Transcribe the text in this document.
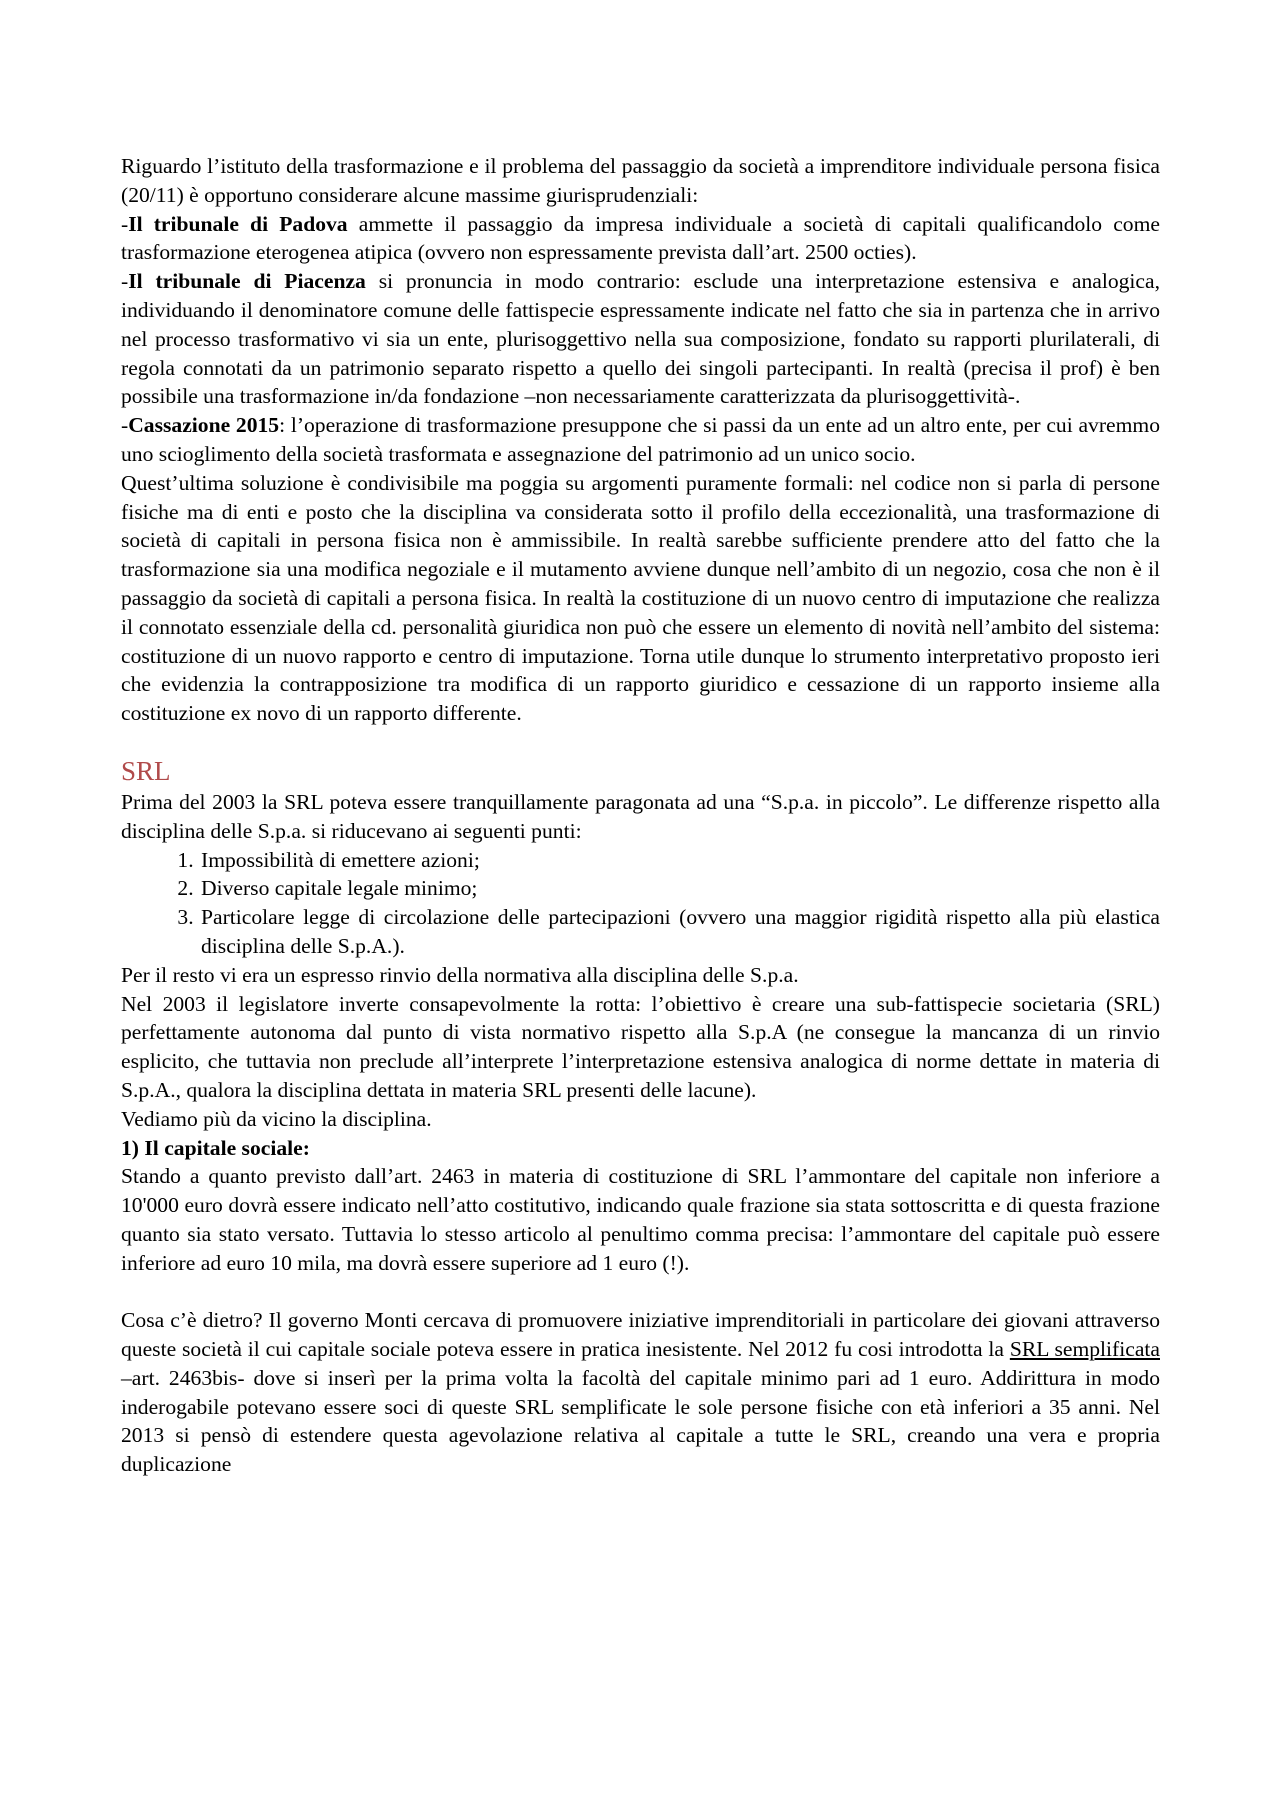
Riguardo l’istituto della trasformazione e il problema del passaggio da società a imprenditore individuale persona fisica (20/11) è opportuno considerare alcune massime giurisprudenziali:

-Il tribunale di Padova ammette il passaggio da impresa individuale a società di capitali qualificandolo come trasformazione eterogenea atipica (ovvero non espressamente prevista dall’art. 2500 octies).

-Il tribunale di Piacenza si pronuncia in modo contrario: esclude una interpretazione estensiva e analogica, individuando il denominatore comune delle fattispecie espressamente indicate nel fatto che sia in partenza che in arrivo nel processo trasformativo vi sia un ente, plurisoggettivo nella sua composizione, fondato su rapporti plurilaterali, di regola connotati da un patrimonio separato rispetto a quello dei singoli partecipanti. In realtà (precisa il prof) è ben possibile una trasformazione in/da fondazione –non necessariamente caratterizzata da plurisoggettività-.

-Cassazione 2015: l’operazione di trasformazione presuppone che si passi da un ente ad un altro ente, per cui avremmo uno scioglimento della società trasformata e assegnazione del patrimonio ad un unico socio.

Quest’ultima soluzione è condivisibile ma poggia su argomenti puramente formali: nel codice non si parla di persone fisiche ma di enti e posto che la disciplina va considerata sotto il profilo della eccezionalità, una trasformazione di società di capitali in persona fisica non è ammissibile. In realtà sarebbe sufficiente prendere atto del fatto che la trasformazione sia una modifica negoziale e il mutamento avviene dunque nell’ambito di un negozio, cosa che non è il passaggio da società di capitali a persona fisica. In realtà la costituzione di un nuovo centro di imputazione che realizza il connotato essenziale della cd. personalità giuridica non può che essere un elemento di novità nell’ambito del sistema: costituzione di un nuovo rapporto e centro di imputazione. Torna utile dunque lo strumento interpretativo proposto ieri che evidenzia la contrapposizione tra modifica di un rapporto giuridico e cessazione di un rapporto insieme alla costituzione ex novo di un rapporto differente.

SRL

Prima del 2003 la SRL poteva essere tranquillamente paragonata ad una “S.p.a. in piccolo”. Le differenze rispetto alla disciplina delle S.p.a. si riducevano ai seguenti punti:

1. Impossibilità di emettere azioni;
2. Diverso capitale legale minimo;
3. Particolare legge di circolazione delle partecipazioni (ovvero una maggior rigidità rispetto alla più elastica disciplina delle S.p.A.).

Per il resto vi era un espresso rinvio della normativa alla disciplina delle S.p.a.

Nel 2003 il legislatore inverte consapevolmente la rotta: l’obiettivo è creare una sub-fattispecie societaria (SRL) perfettamente autonoma dal punto di vista normativo rispetto alla S.p.A (ne consegue la mancanza di un rinvio esplicito, che tuttavia non preclude all’interprete l’interpretazione estensiva analogica di norme dettate in materia di S.p.A., qualora la disciplina dettata in materia SRL presenti delle lacune).

Vediamo più da vicino la disciplina.

1) Il capitale sociale:

Stando a quanto previsto dall’art. 2463 in materia di costituzione di SRL l’ammontare del capitale non inferiore a 10'000 euro dovrà essere indicato nell’atto costitutivo, indicando quale frazione sia stata sottoscritta e di questa frazione quanto sia stato versato. Tuttavia lo stesso articolo al penultimo comma precisa: l’ammontare del capitale può essere inferiore ad euro 10 mila, ma dovrà essere superiore ad 1 euro (!).

Cosa c’è dietro? Il governo Monti cercava di promuovere iniziative imprenditoriali in particolare dei giovani attraverso queste società il cui capitale sociale poteva essere in pratica inesistente. Nel 2012 fu cosi introdotta la SRL semplificata –art. 2463bis- dove si inserì per la prima volta la facoltà del capitale minimo pari ad 1 euro. Addirittura in modo inderogabile potevano essere soci di queste SRL semplificate le sole persone fisiche con età inferiori a 35 anni. Nel 2013 si pensò di estendere questa agevolazione relativa al capitale a tutte le SRL, creando una vera e propria duplicazione
